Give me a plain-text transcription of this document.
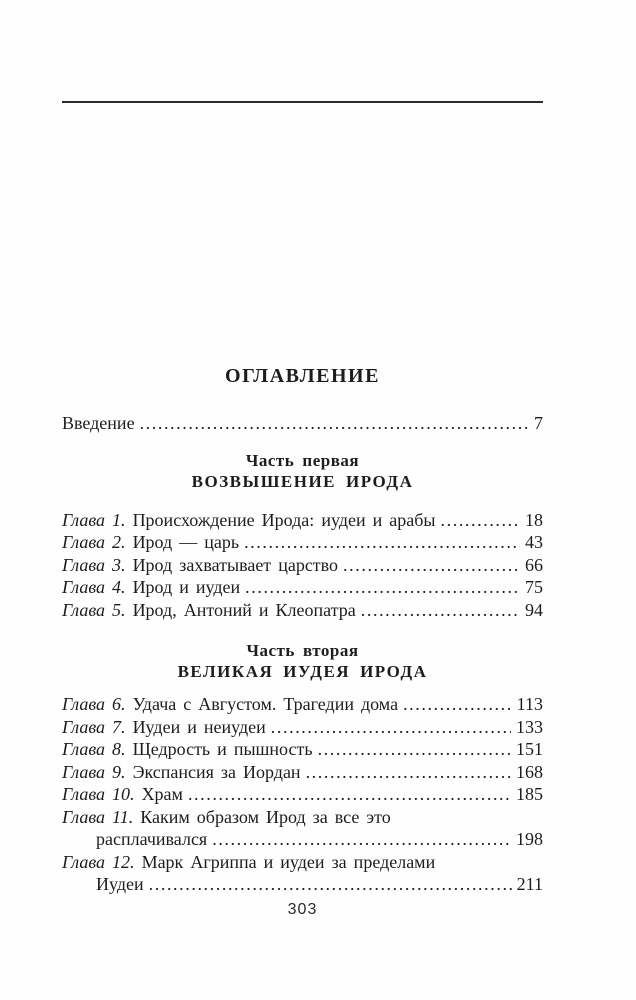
ОГЛАВЛЕНИЕ
Введение .....	7
Часть первая
ВОЗВЫШЕНИЕ ИРОДА
Глава 1. Происхождение Ирода: иудеи и арабы .....	18
Глава 2. Ирод — царь .....	43
Глава 3. Ирод захватывает царство .....	66
Глава 4. Ирод и иудеи .....	75
Глава 5. Ирод, Антоний и Клеопатра .....	94
Часть вторая
ВЕЛИКАЯ ИУДЕЯ ИРОДА
Глава 6. Удача с Августом. Трагедии дома .....	113
Глава 7. Иудеи и неиудеи .....	133
Глава 8. Щедрость и пышность .....	151
Глава 9. Экспансия за Иордан .....	168
Глава 10. Храм .....	185
Глава 11. Каким образом Ирод за все это
расплачивался .....	198
Глава 12. Марк Агриппа и иудеи за пределами
Иудеи .....	211
303
